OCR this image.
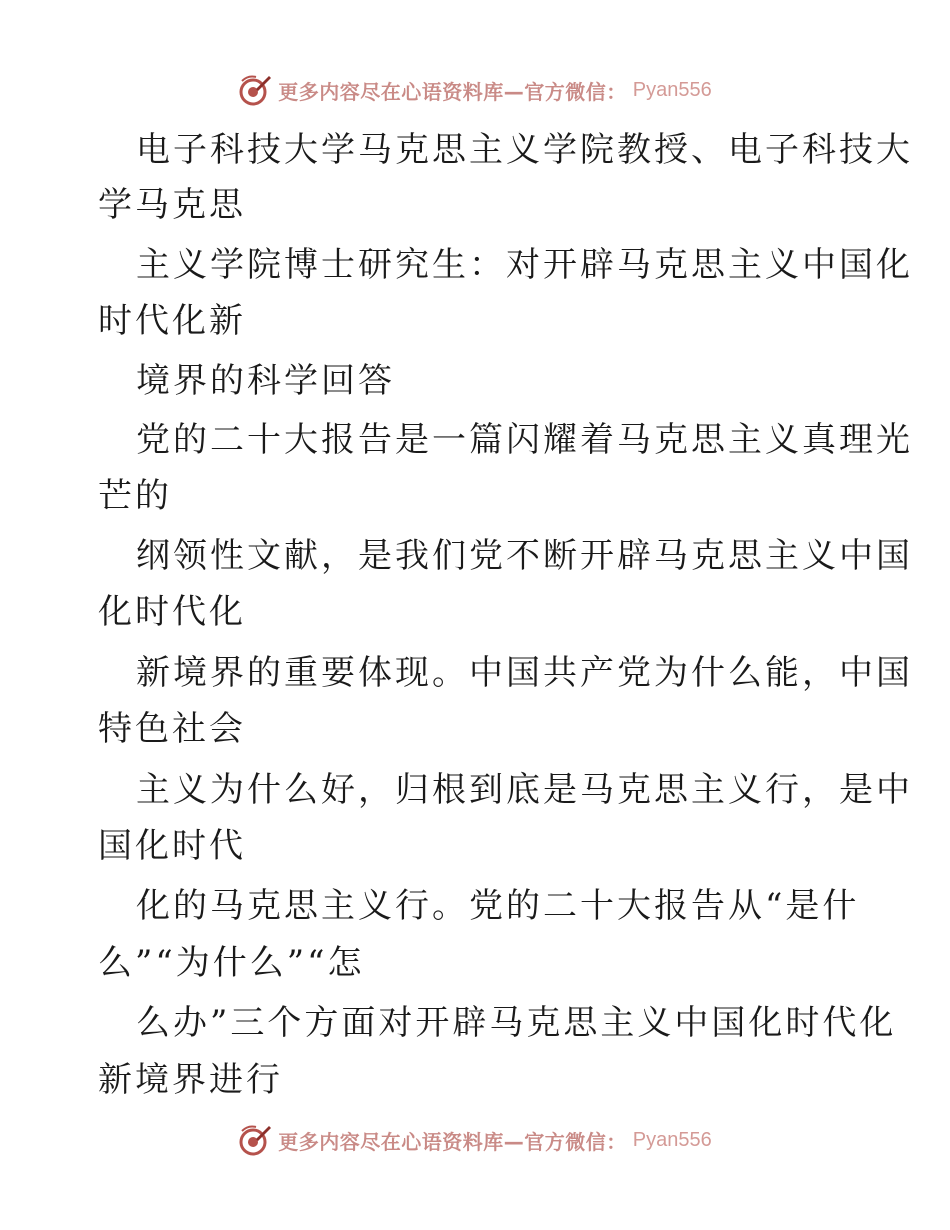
更多内容尽在心语资料库—官方微信： Pyan556
电子科技大学马克思主义学院教授、电子科技大
学马克思
主义学院博士研究生：对开辟马克思主义中国化
时代化新
境界的科学回答
党的二十大报告是一篇闪耀着马克思主义真理光
芒的
纲领性文献，是我们党不断开辟马克思主义中国
化时代化
新境界的重要体现。中国共产党为什么能，中国
特色社会
主义为什么好，归根到底是马克思主义行，是中
国化时代
化的马克思主义行。党的二十大报告从“是什
么”“为什么”“怎
么办”三个方面对开辟马克思主义中国化时代化
新境界进行
更多内容尽在心语资料库—官方微信： Pyan556
